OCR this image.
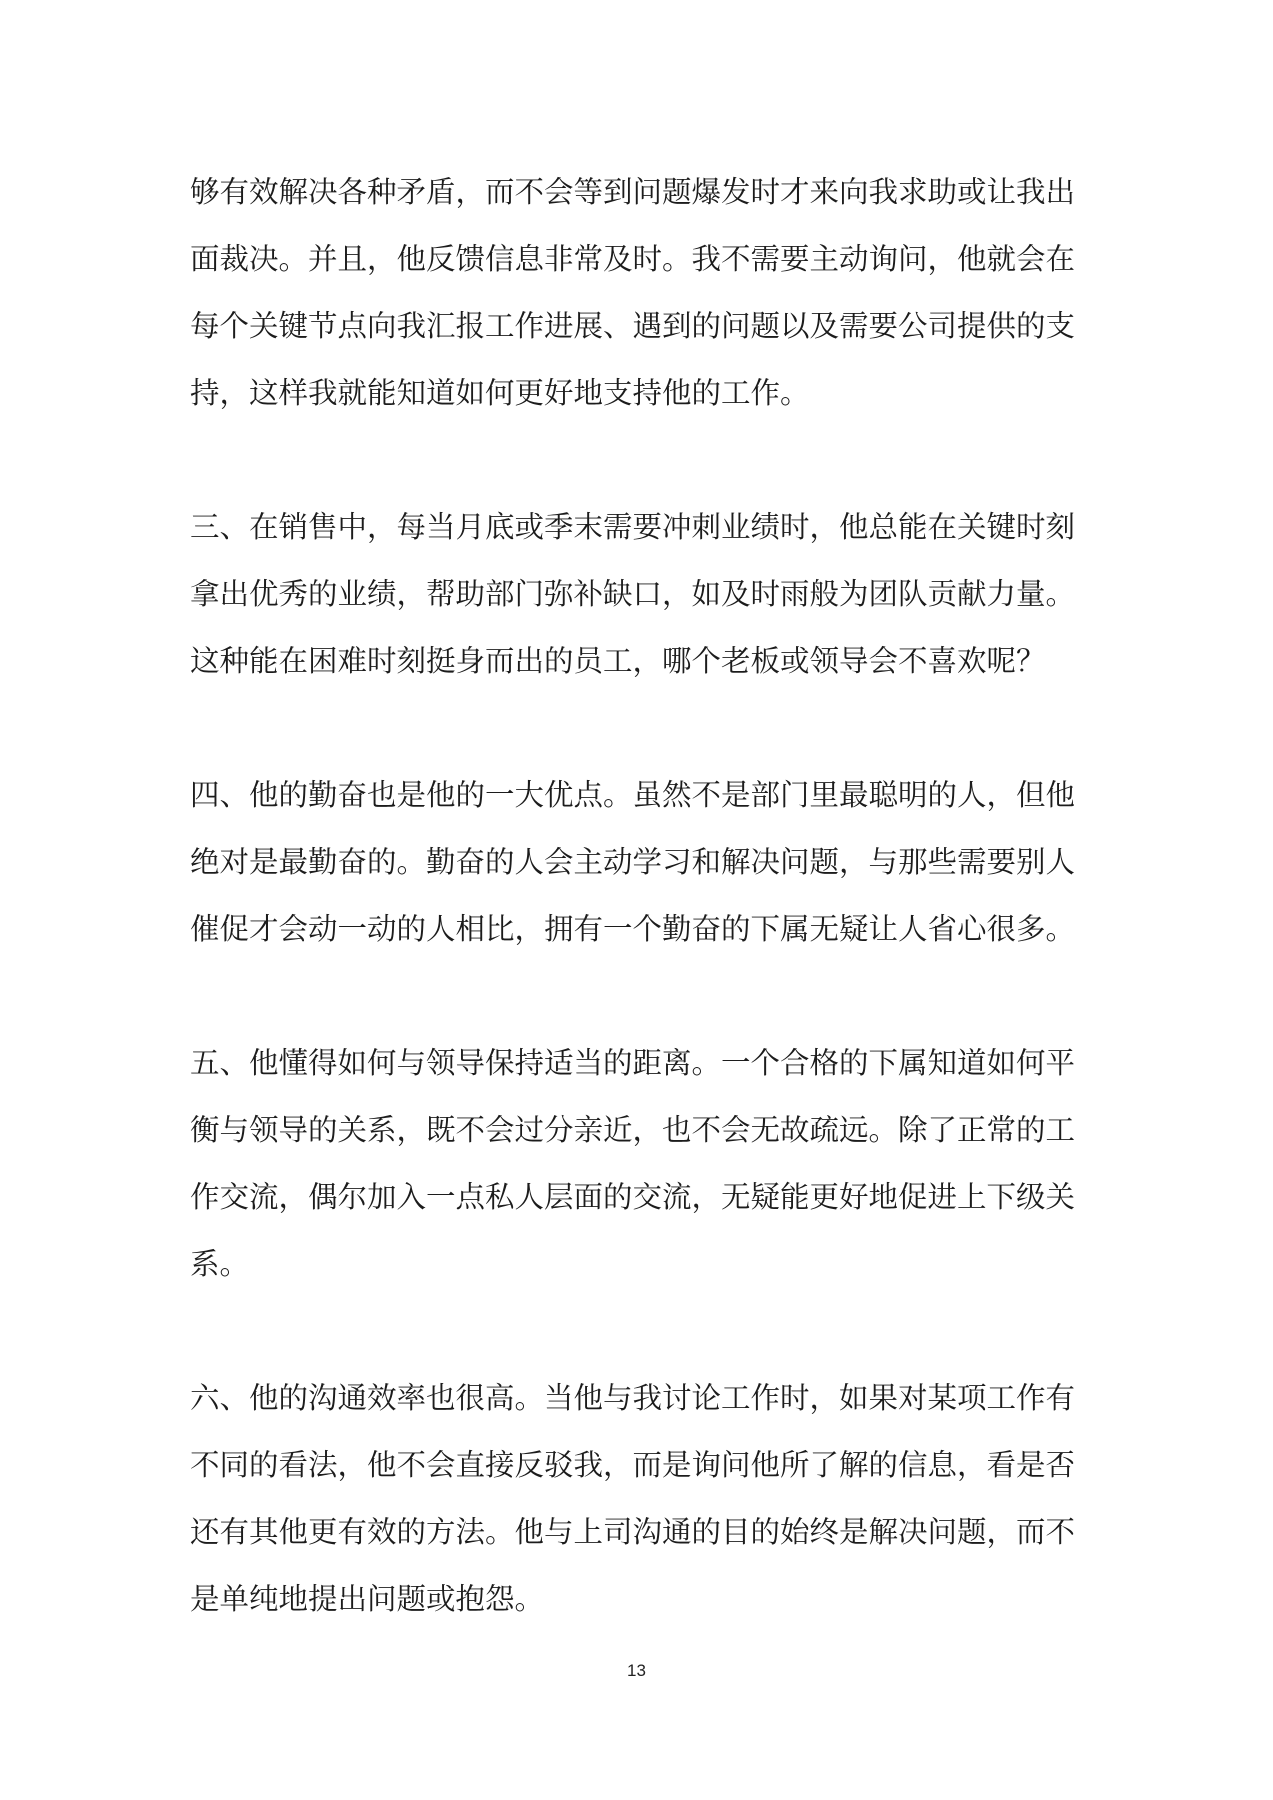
够有效解决各种矛盾，而不会等到问题爆发时才来向我求助或让我出
面裁决。并且，他反馈信息非常及时。我不需要主动询问，他就会在
每个关键节点向我汇报工作进展、遇到的问题以及需要公司提供的支
持，这样我就能知道如何更好地支持他的工作。
三、在销售中，每当月底或季末需要冲刺业绩时，他总能在关键时刻
拿出优秀的业绩，帮助部门弥补缺口，如及时雨般为团队贡献力量。
这种能在困难时刻挺身而出的员工，哪个老板或领导会不喜欢呢？
四、他的勤奋也是他的一大优点。虽然不是部门里最聪明的人，但他
绝对是最勤奋的。勤奋的人会主动学习和解决问题，与那些需要别人
催促才会动一动的人相比，拥有一个勤奋的下属无疑让人省心很多。
五、他懂得如何与领导保持适当的距离。一个合格的下属知道如何平
衡与领导的关系，既不会过分亲近，也不会无故疏远。除了正常的工
作交流，偶尔加入一点私人层面的交流，无疑能更好地促进上下级关
系。
六、他的沟通效率也很高。当他与我讨论工作时，如果对某项工作有
不同的看法，他不会直接反驳我，而是询问他所了解的信息，看是否
还有其他更有效的方法。他与上司沟通的目的始终是解决问题，而不
是单纯地提出问题或抱怨。
13
